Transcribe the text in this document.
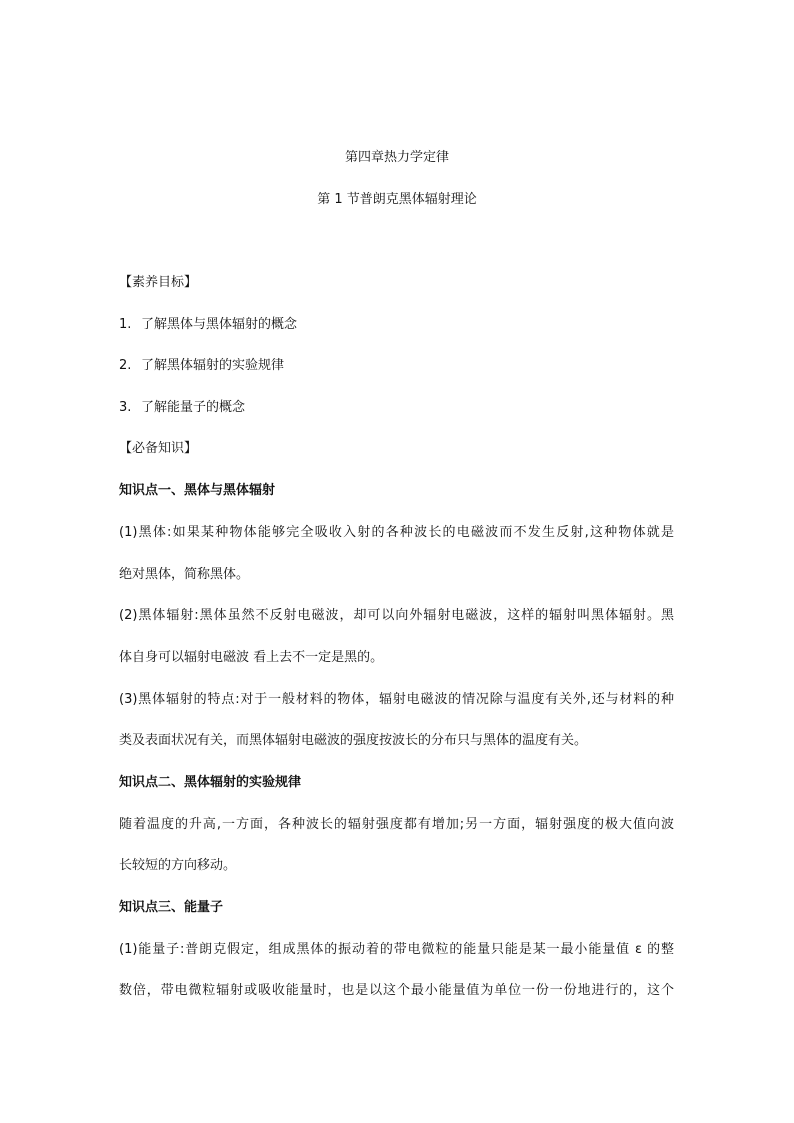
第四章热力学定律

第 1 节普朗克黑体辐射理论

【素养目标】

1. 了解黑体与黑体辐射的概念

2. 了解黑体辐射的实验规律

3. 了解能量子的概念

【必备知识】

知识点一、黑体与黑体辐射

(1)黑体:如果某种物体能够完全吸收入射的各种波长的电磁波而不发生反射,这种物体就是

绝对黑体，简称黑体。

(2)黑体辐射:黑体虽然不反射电磁波，却可以向外辐射电磁波，这样的辐射叫黑体辐射。黑

体自身可以辐射电磁波 看上去不一定是黑的。

(3)黑体辐射的特点:对于一般材料的物体，辐射电磁波的情况除与温度有关外,还与材料的种

类及表面状况有关，而黑体辐射电磁波的强度按波长的分布只与黑体的温度有关。

知识点二、黑体辐射的实验规律

随着温度的升高,一方面，各种波长的辐射强度都有增加;另一方面，辐射强度的极大值向波

长较短的方向移动。

知识点三、能量子

(1)能量子:普朗克假定，组成黑体的振动着的带电微粒的能量只能是某一最小能量值 ε 的整

数倍，带电微粒辐射或吸收能量时，也是以这个最小能量值为单位一份一份地进行的，这个
